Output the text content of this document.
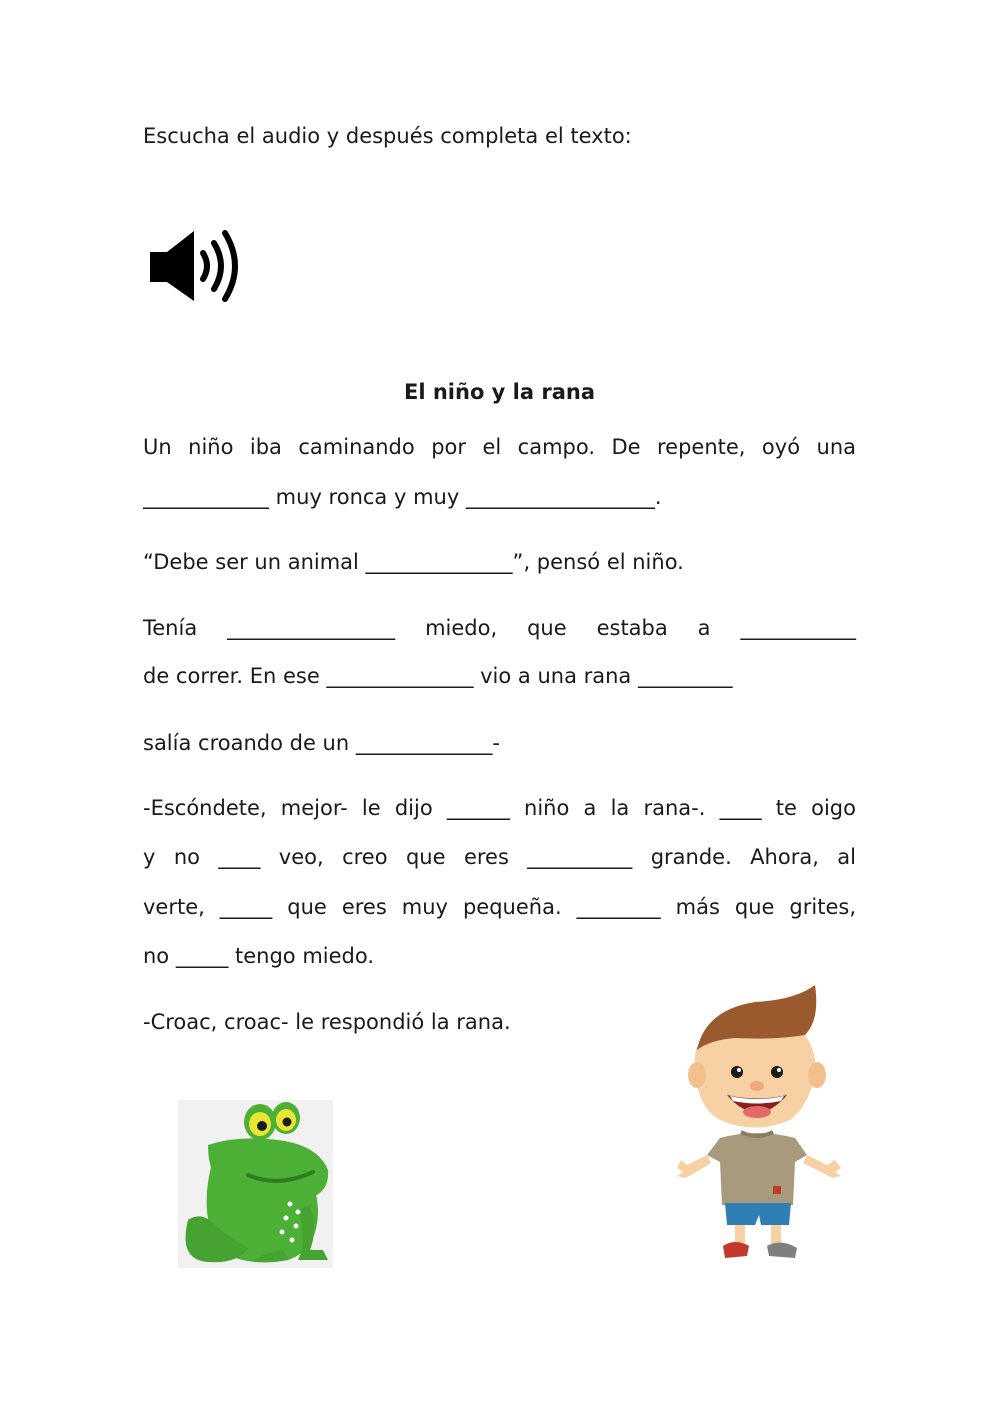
Escucha el audio y después completa el texto:
El niño y la rana
Un niño iba caminando por el campo. De repente, oyó una
____________ muy ronca y muy __________________.
“Debe ser un animal ______________”, pensó el niño.
Tenía ________________ miedo, que estaba a ___________
de correr. En ese ______________ vio a una rana _________
salía croando de un _____________-
-Escóndete, mejor- le dijo ______ niño a la rana-. ____ te oigo
y no ____ veo, creo que eres __________ grande. Ahora, al
verte, _____ que eres muy pequeña. ________ más que grites,
no _____ tengo miedo.
-Croac, croac- le respondió la rana.
